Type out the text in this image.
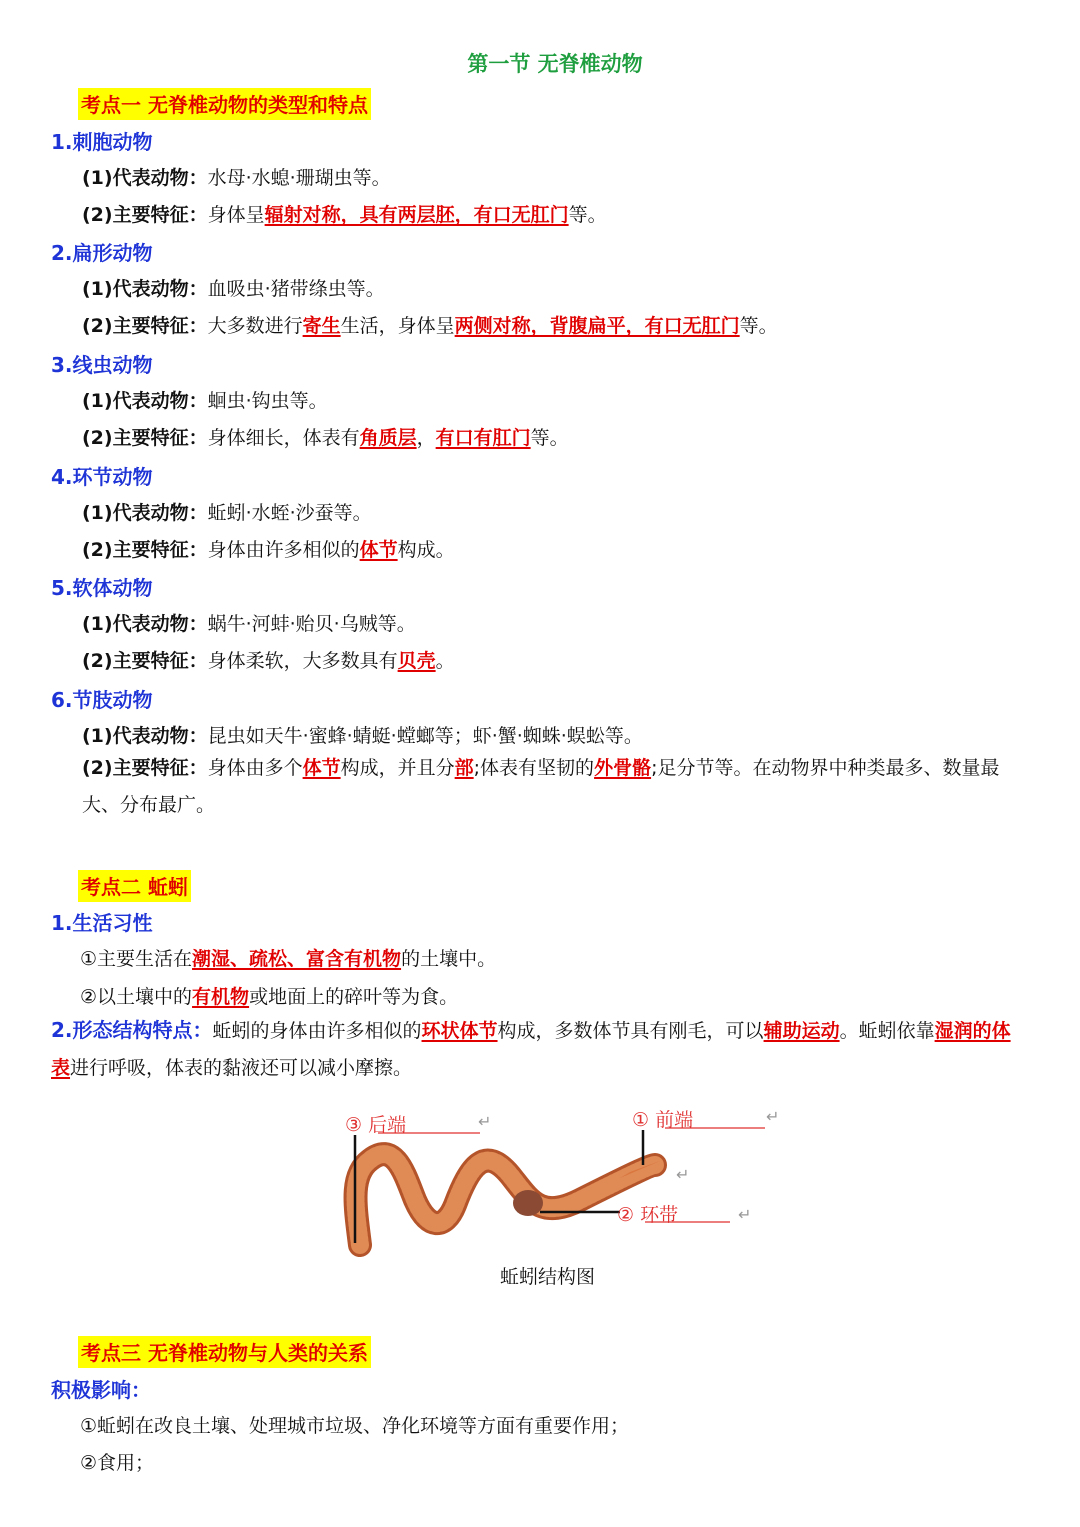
第一节 无脊椎动物
考点一 无脊椎动物的类型和特点
1.刺胞动物
(1)代表动物：水母·水螅·珊瑚虫等。
(2)主要特征：身体呈辐射对称，具有两层胚，有口无肛门等。
2.扁形动物
(1)代表动物：血吸虫·猪带绦虫等。
(2)主要特征：大多数进行寄生生活，身体呈两侧对称，背腹扁平，有口无肛门等。
3.线虫动物
(1)代表动物：蛔虫·钩虫等。
(2)主要特征：身体细长，体表有角质层，有口有肛门等。
4.环节动物
(1)代表动物：蚯蚓·水蛭·沙蚕等。
(2)主要特征：身体由许多相似的体节构成。
5.软体动物
(1)代表动物：蜗牛·河蚌·贻贝·乌贼等。
(2)主要特征：身体柔软，大多数具有贝壳。
6.节肢动物
(1)代表动物：昆虫如天牛·蜜蜂·蜻蜓·螳螂等；虾·蟹·蜘蛛·蜈蚣等。
(2)主要特征：身体由多个体节构成，并且分部;体表有坚韧的外骨骼;足分节等。在动物界中种类最多、数量最大、分布最广。
考点二 蚯蚓
1.生活习性
①主要生活在潮湿、疏松、富含有机物的土壤中。
②以土壤中的有机物或地面上的碎叶等为食。
2.形态结构特点：蚯蚓的身体由许多相似的环状体节构成，多数体节具有刚毛，可以辅助运动。蚯蚓依靠湿润的体表进行呼吸，体表的黏液还可以减小摩擦。
③ 后端	① 前端
② 环带
↵	↵
↵
↵
蚯蚓结构图
考点三 无脊椎动物与人类的关系
积极影响：
①蚯蚓在改良土壤、处理城市垃圾、净化环境等方面有重要作用；
②食用；
